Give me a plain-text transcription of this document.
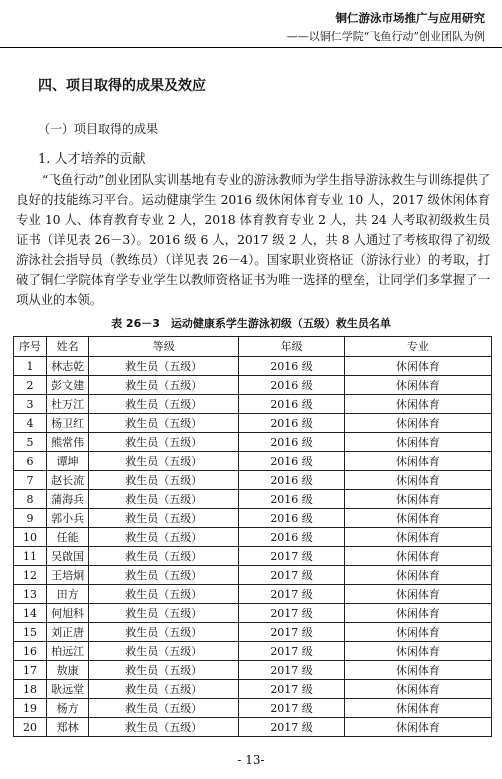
铜仁游泳市场推广与应用研究
——以铜仁学院“飞鱼行动”创业团队为例
四、项目取得的成果及效应
（一）项目取得的成果
1. 人才培养的贡献
“飞鱼行动”创业团队实训基地有专业的游泳教师为学生指导游泳救生与训练提供了良好的技能练习平台。运动健康学生 2016 级休闲体育专业 10 人，2017 级休闲体育专业 10 人、体育教育专业 2 人，2018 体育教育专业 2 人，共 24 人考取初级救生员证书（详见表 26－3）。2016 级 6 人，2017 级 2 人，共 8 人通过了考核取得了初级游泳社会指导员（教练员）（详见表 26－4）。国家职业资格证（游泳行业）的考取，打破了铜仁学院体育学专业学生以教师资格证书为唯一选择的壁垒，让同学们多掌握了一项从业的本领。
表 26－3　运动健康系学生游泳初级（五级）救生员名单
序号	姓名	等级	年级	专业
1	林志乾	救生员（五级）	2016 级	休闲体育
2	彭文建	救生员（五级）	2016 级	休闲体育
3	杜万江	救生员（五级）	2016 级	休闲体育
4	杨卫红	救生员（五级）	2016 级	休闲体育
5	熊常伟	救生员（五级）	2016 级	休闲体育
6	谭坤	救生员（五级）	2016 级	休闲体育
7	赵长流	救生员（五级）	2016 级	休闲体育
8	蒲海兵	救生员（五级）	2016 级	休闲体育
9	郭小兵	救生员（五级）	2016 级	休闲体育
10	任能	救生员（五级）	2016 级	休闲体育
11	吴啟国	救生员（五级）	2017 级	休闲体育
12	王培炯	救生员（五级）	2017 级	休闲体育
13	田方	救生员（五级）	2017 级	休闲体育
14	何旭科	救生员（五级）	2017 级	休闲体育
15	刘正唐	救生员（五级）	2017 级	休闲体育
16	柏远江	救生员（五级）	2017 级	休闲体育
17	敖康	救生员（五级）	2017 级	休闲体育
18	耿远堂	救生员（五级）	2017 级	休闲体育
19	杨方	救生员（五级）	2017 级	休闲体育
20	郑林	救生员（五级）	2017 级	休闲体育
- 13-
